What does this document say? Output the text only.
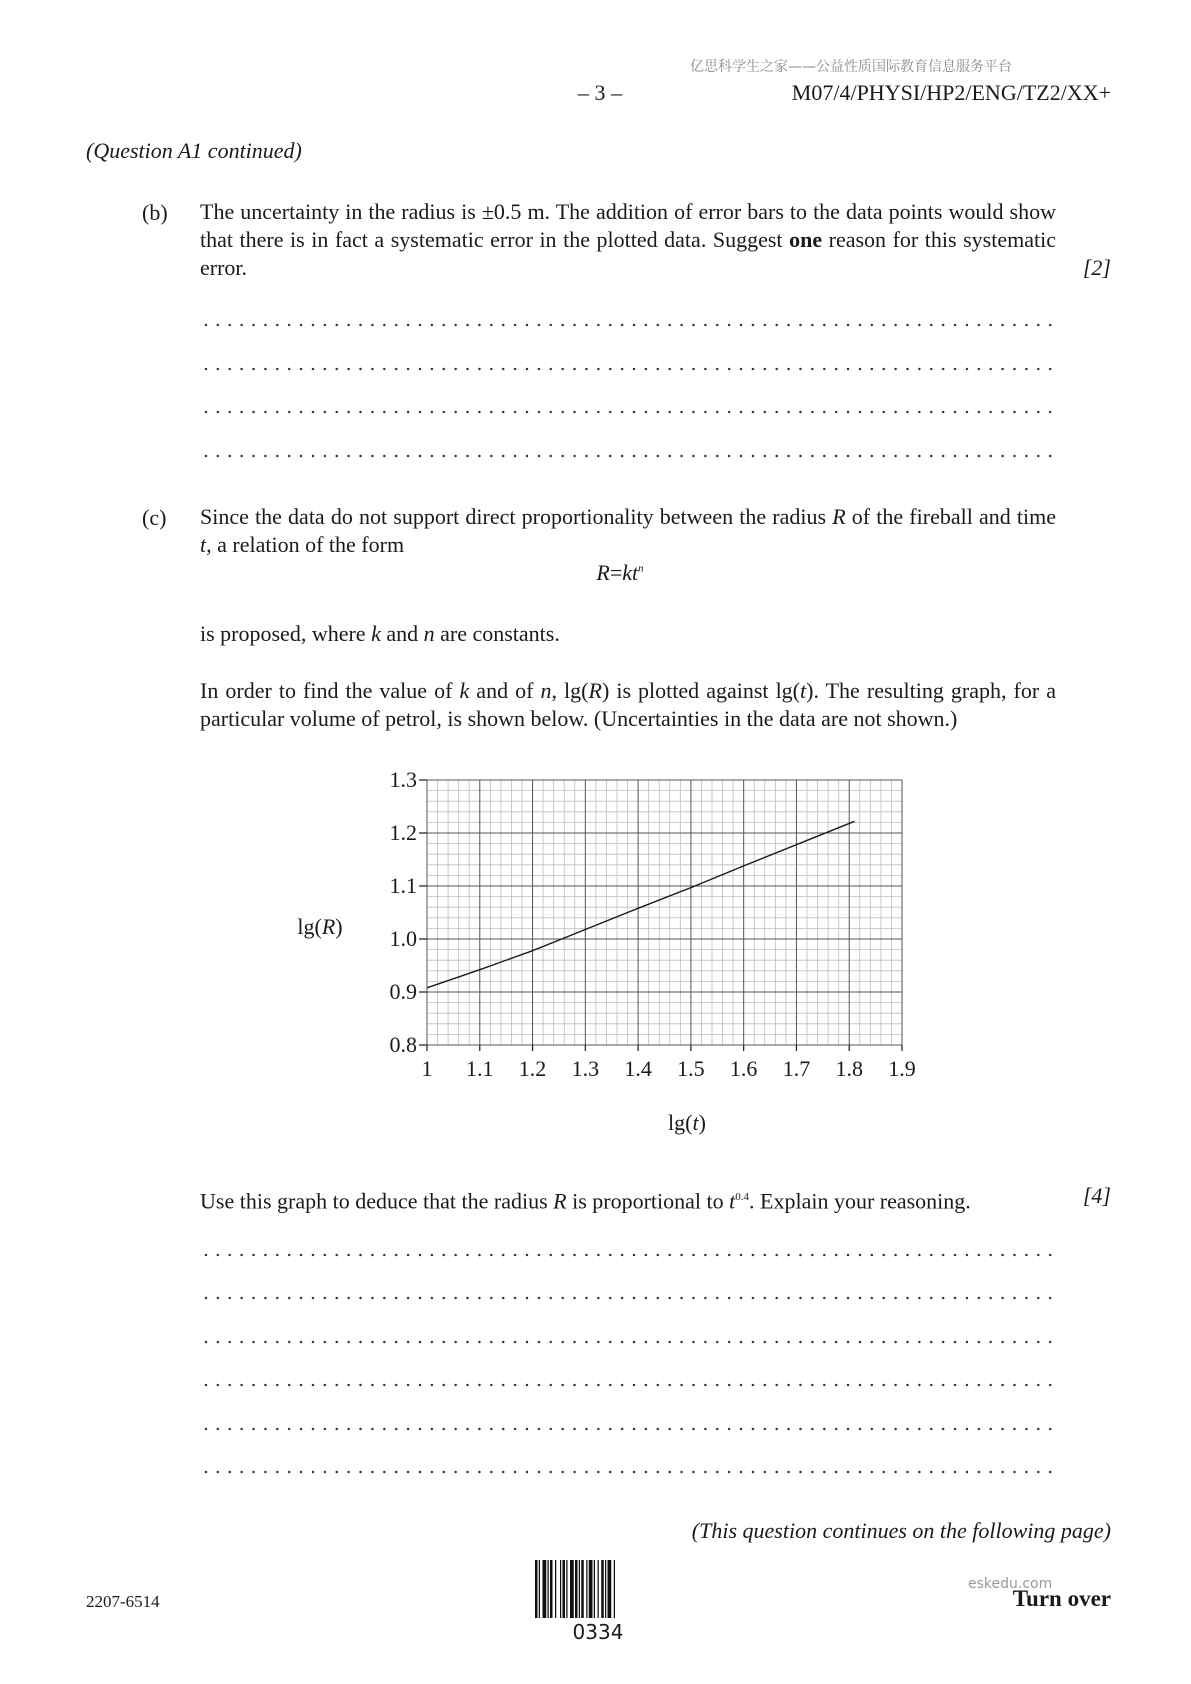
亿思科学生之家——公益性质国际教育信息服务平台
– 3 –	M07/4/PHYSI/HP2/ENG/TZ2/XX+
(Question A1 continued)
(b) The uncertainty in the radius is ±0.5 m. The addition of error bars to the data points would show that there is in fact a systematic error in the plotted data. Suggest one reason for this systematic error.	[2]
(c) Since the data do not support direct proportionality between the radius R of the fireball and time t, a relation of the form
$R=kt^n$
is proposed, where k and n are constants.
In order to find the value of k and of n, lg(R) is plotted against lg(t). The resulting graph, for a particular volume of petrol, is shown below. (Uncertainties in the data are not shown.)
1 1.1 1.2 1.3 1.4 1.5 1.6 1.7 1.8 1.9
0.8
0.9
1.0
1.1
1.2
1.3
lg(R)
lg(t)
Use this graph to deduce that the radius R is proportional to $t^{0.4}$. Explain your reasoning.	[4]
(This question continues on the following page)
2207-6514
0334
eskedu.com
Turn over
